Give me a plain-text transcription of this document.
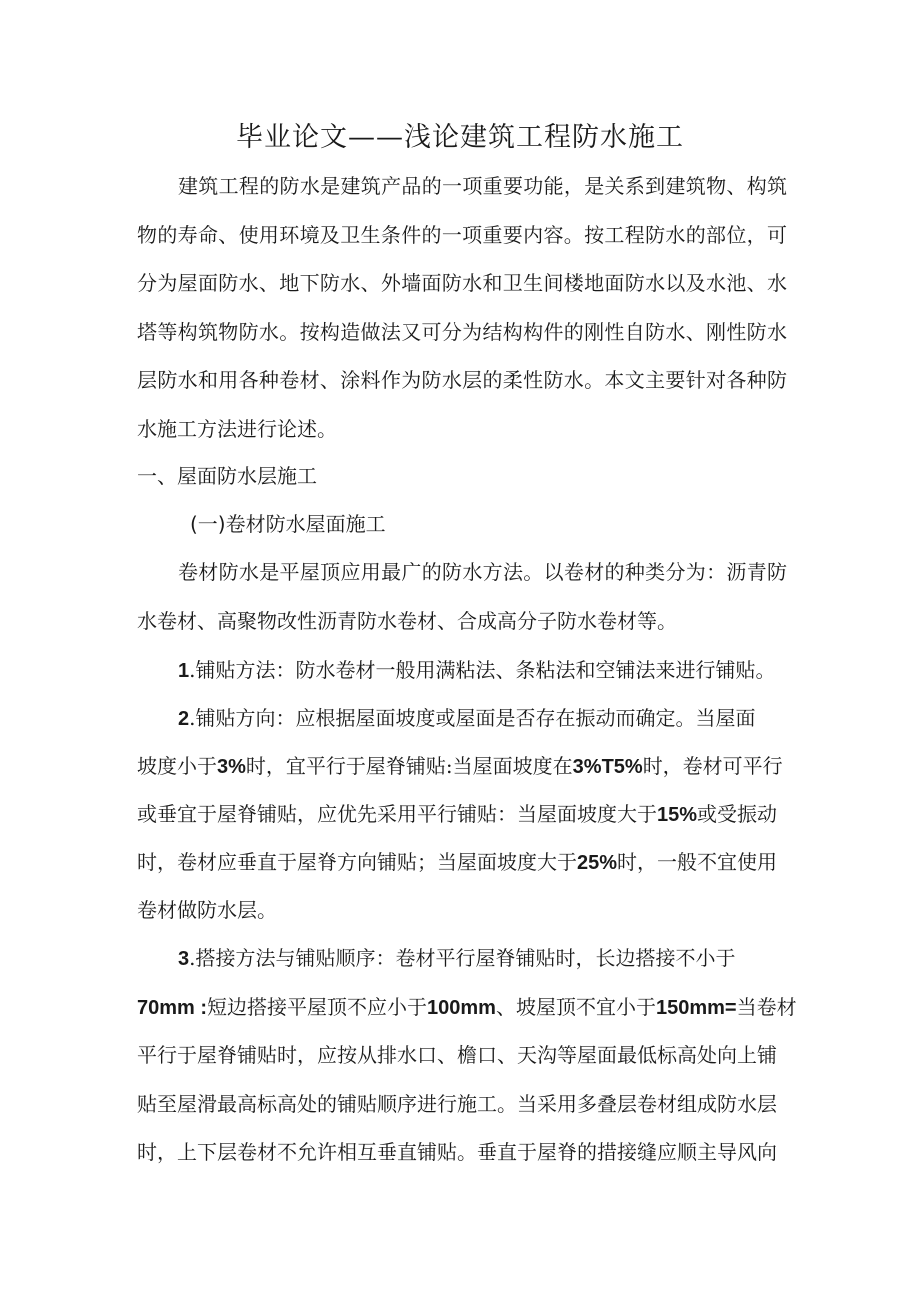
毕业论文——浅论建筑工程防水施工

建筑工程的防水是建筑产品的一项重要功能，是关系到建筑物、构筑物的寿命、使用环境及卫生条件的一项重要内容。按工程防水的部位，可分为屋面防水、地下防水、外墙面防水和卫生间楼地面防水以及水池、水塔等构筑物防水。按构造做法又可分为结构构件的刚性自防水、刚性防水层防水和用各种卷材、涂料作为防水层的柔性防水。本文主要针对各种防水施工方法进行论述。

一、屋面防水层施工
(一)卷材防水屋面施工

卷材防水是平屋顶应用最广的防水方法。以卷材的种类分为：沥青防水卷材、高聚物改性沥青防水卷材、合成高分子防水卷材等。

1.铺贴方法：防水卷材一般用满粘法、条粘法和空铺法来进行铺贴。
2.铺贴方向：应根据屋面坡度或屋面是否存在振动而确定。当屋面
坡度小于3%时，宜平行于屋脊铺贴:当屋面坡度在3%T5%时，卷材可平行
或垂宜于屋脊铺贴，应优先采用平行铺贴：当屋面坡度大于15%或受振动
时，卷材应垂直于屋脊方向铺贴；当屋面坡度大于25%时，一般不宜使用
卷材做防水层。
3.搭接方法与铺贴顺序：卷材平行屋脊铺贴时，长边搭接不小于
70mm :短边搭接平屋顶不应小于100mm、坡屋顶不宜小于150mm=当卷材
平行于屋脊铺贴时，应按从排水口、檐口、天沟等屋面最低标高处向上铺
贴至屋滑最高标高处的铺贴顺序进行施工。当采用多叠层卷材组成防水层
时，上下层卷材不允许相互垂直铺贴。垂直于屋脊的措接缝应顺主导风向
